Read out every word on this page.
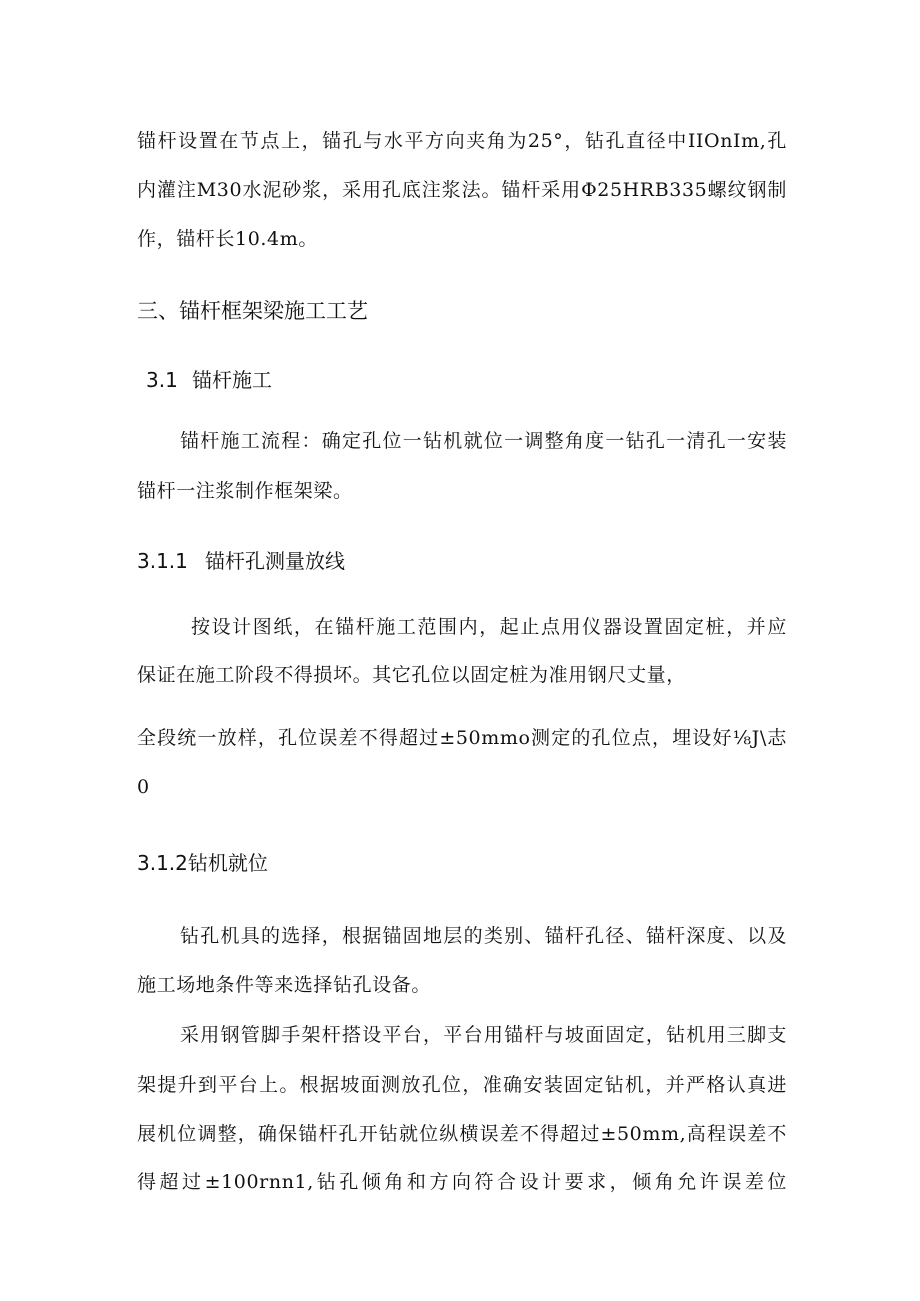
锚杆设置在节点上，锚孔与水平方向夹角为25°，钻孔直径中IIOnIm,孔
内灌注M30水泥砂浆，采用孔底注浆法。锚杆采用Φ25HRB335螺纹钢制
作，锚杆长10.4m。
三、锚杆框架梁施工工艺
3.1 锚杆施工
锚杆施工流程：确定孔位一钻机就位一调整角度一钻孔一清孔一安装
锚杆一注浆制作框架梁。
3.1.1 锚杆孔测量放线
按设计图纸，在锚杆施工范围内，起止点用仪器设置固定桩，并应
保证在施工阶段不得损坏。其它孔位以固定桩为准用钢尺丈量，
全段统一放样，孔位误差不得超过±50mmo测定的孔位点，埋设好⅛J\志
0
3.1.2钻机就位
钻孔机具的选择，根据锚固地层的类别、锚杆孔径、锚杆深度、以及
施工场地条件等来选择钻孔设备。
采用钢管脚手架杆搭设平台，平台用锚杆与坡面固定，钻机用三脚支
架提升到平台上。根据坡面测放孔位，准确安装固定钻机，并严格认真进
展机位调整，确保锚杆孔开钻就位纵横误差不得超过±50mm,高程误差不
得超过±100rnn1,钻孔倾角和方向符合设计要求，倾角允许误差位
